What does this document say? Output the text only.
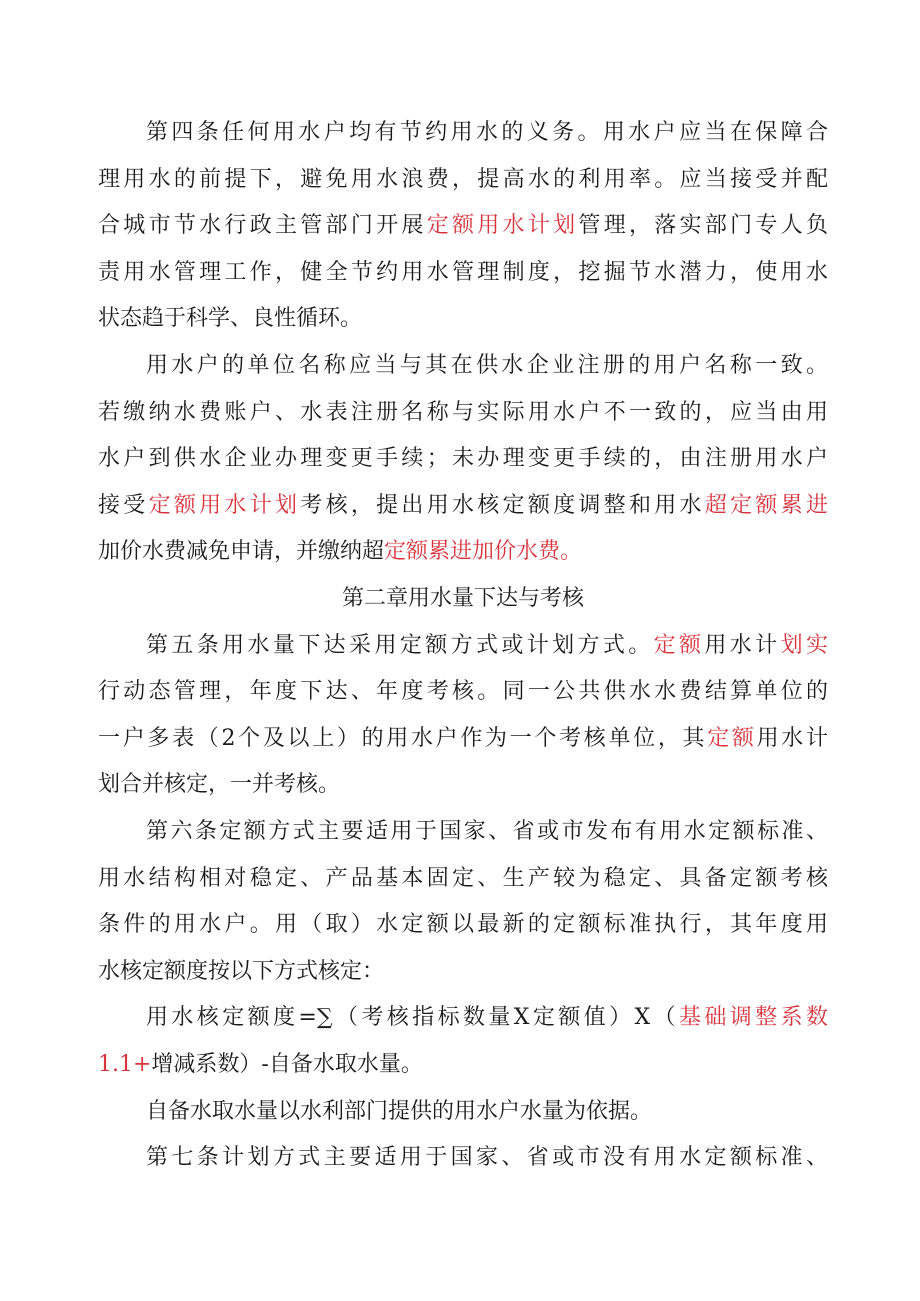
第四条任何用水户均有节约用水的义务。用水户应当在保障合
理用水的前提下，避免用水浪费，提高水的利用率。应当接受并配
合城市节水行政主管部门开展定额用水计划管理，落实部门专人负
责用水管理工作，健全节约用水管理制度，挖掘节水潜力，使用水
状态趋于科学、良性循环。
用水户的单位名称应当与其在供水企业注册的用户名称一致。
若缴纳水费账户、水表注册名称与实际用水户不一致的，应当由用
水户到供水企业办理变更手续；未办理变更手续的，由注册用水户
接受定额用水计划考核，提出用水核定额度调整和用水超定额累进
加价水费减免申请，并缴纳超定额累进加价水费。
第二章用水量下达与考核
第五条用水量下达采用定额方式或计划方式。定额用水计划实
行动态管理，年度下达、年度考核。同一公共供水水费结算单位的
一户多表（2个及以上）的用水户作为一个考核单位，其定额用水计
划合并核定，一并考核。
第六条定额方式主要适用于国家、省或市发布有用水定额标准、
用水结构相对稳定、产品基本固定、生产较为稳定、具备定额考核
条件的用水户。用（取）水定额以最新的定额标准执行，其年度用
水核定额度按以下方式核定：
用水核定额度=∑（考核指标数量X定额值）X（基础调整系数
1.1+增减系数）-自备水取水量。
自备水取水量以水利部门提供的用水户水量为依据。
第七条计划方式主要适用于国家、省或市没有用水定额标准、
